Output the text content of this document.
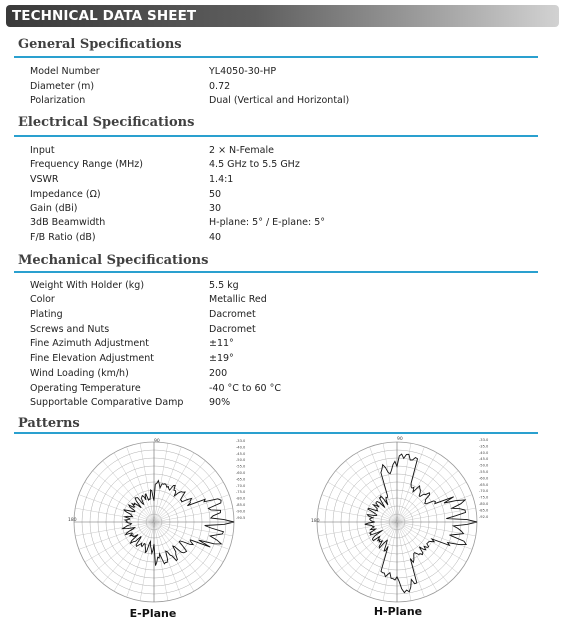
TECHNICAL DATA SHEET
General Specifications
Model Number	YL4050-30-HP
Diameter (m)	0.72
Polarization	Dual (Vertical and Horizontal)
Electrical Specifications
Input	2 × N-Female
Frequency Range (MHz)	4.5 GHz to 5.5 GHz
VSWR	1.4:1
Impedance (Ω)	50
Gain (dBi)	30
3dB Beamwidth	H-plane: 5° / E-plane: 5°
F/B Ratio (dB)	40
Mechanical Specifications
Weight With Holder (kg)	5.5 kg
Color	Metallic Red
Plating	Dacromet
Screws and Nuts	Dacromet
Fine Azimuth Adjustment	±11°
Fine Elevation Adjustment	±19°
Wind Loading (km/h)	200
Operating Temperature	-40 °C to 60 °C
Supportable Comparative Damp	90%
Patterns
90
180
-33.0
-40.0
-45.0
-50.0
-55.0
-60.0
-65.0
-70.0
-75.0
-80.0
-85.0
-90.0
-90.5
E-Plane
90
180
-33.0
-35.0
-40.0
-45.0
-50.0
-55.0
-60.0
-65.0
-70.0
-75.0
-80.0
-85.0
-92.0
H-Plane
